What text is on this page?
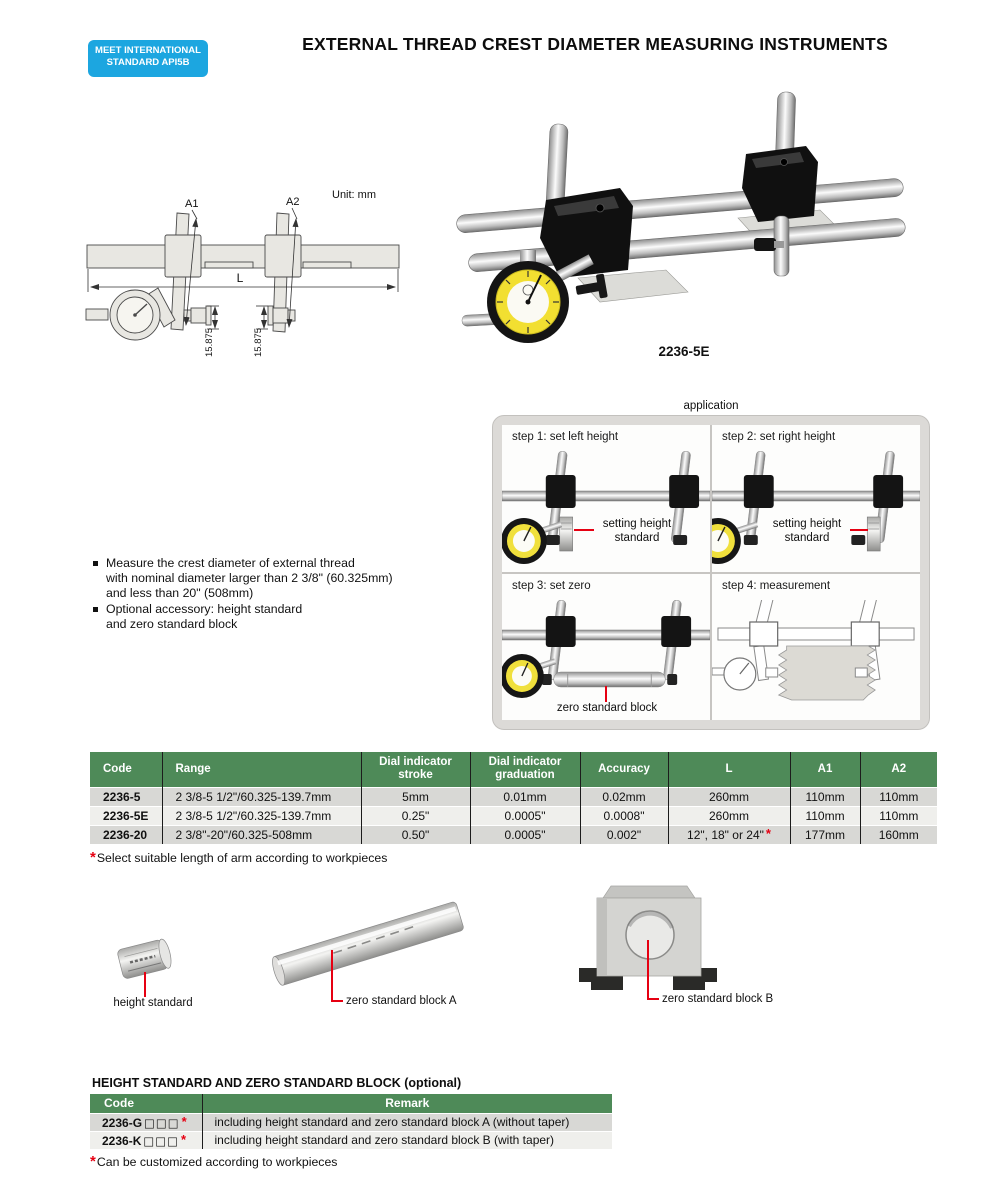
MEET INTERNATIONAL
STANDARD API5B
EXTERNAL THREAD CREST DIAMETER MEASURING INSTRUMENTS
Unit: mm
A1	A2
L
15.875	15.875	2236-5E
application
step 1: set left height
setting height standard
step 2: set right height
setting height standard
step 3: set zero
zero standard block
step 4: measurement
Measure the crest diameter of external thread
with nominal diameter larger than 2 3/8" (60.325mm)
and less than 20" (508mm)
Optional accessory: height standard
and zero standard block
Code	Range	Dial indicator stroke	Dial indicator graduation	Accuracy	L	A1	A2
2236-5	2 3/8-5 1/2"/60.325-139.7mm	5mm	0.01mm	0.02mm	260mm	110mm	110mm
2236-5E	2 3/8-5 1/2"/60.325-139.7mm	0.25"	0.0005"	0.0008"	260mm	110mm	110mm
2236-20	2 3/8"-20"/60.325-508mm	0.50"	0.0005"	0.002"	12", 18" or 24" *	177mm	160mm
*Select suitable length of arm according to workpieces
height standard	zero standard block A	zero standard block B
HEIGHT STANDARD AND ZERO STANDARD BLOCK (optional)
Code	Remark
2236-G □□□ *	including height standard and zero standard block A (without taper)
2236-K □□□ *	including height standard and zero standard block B (with taper)
*Can be customized according to workpieces
